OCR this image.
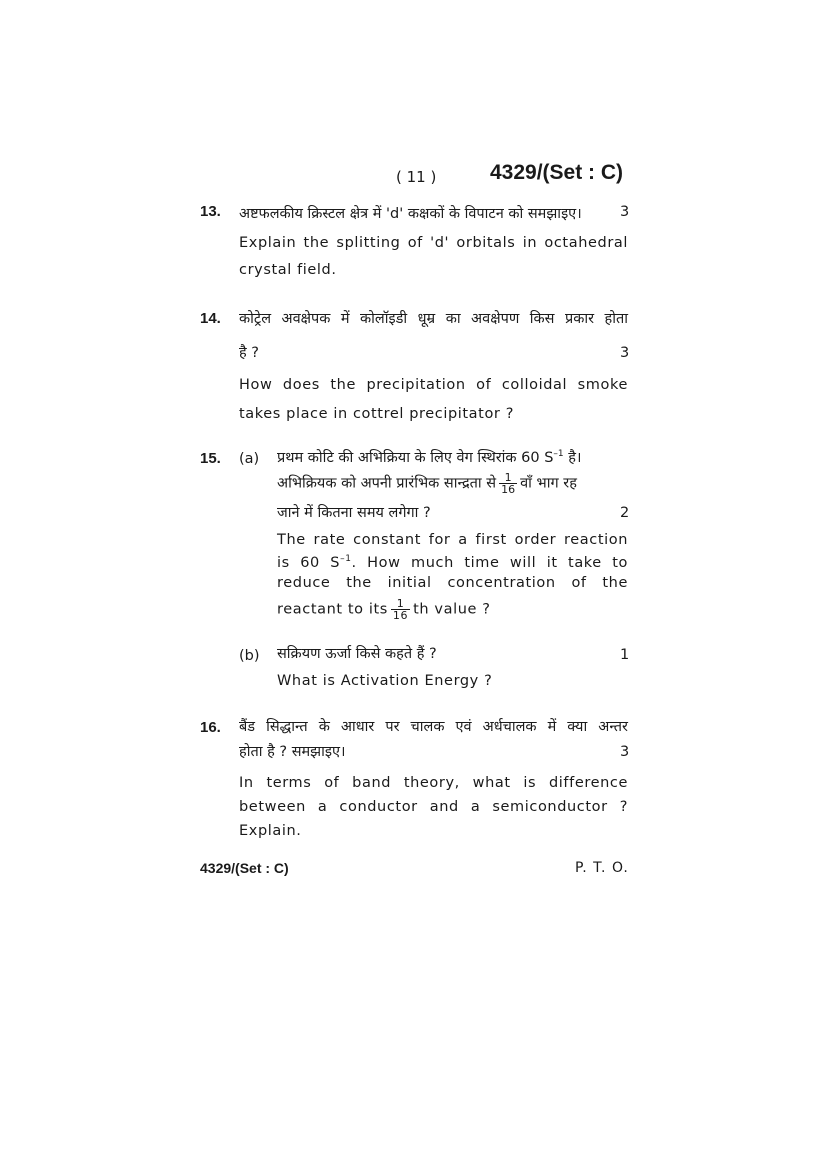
( 11 )	4329/(Set : C)
13. अष्टफलकीय क्रिस्टल क्षेत्र में 'd' कक्षकों के विपाटन को समझाइए।	3
Explain the splitting of 'd' orbitals in octahedral
crystal field.
14. कोट्रेल अवक्षेपक में कोलॉइडी धूम्र का अवक्षेपण किस प्रकार होता
है ?	3
How does the precipitation of colloidal smoke
takes place in cottrel precipitator ?
15. (a) प्रथम कोटि की अभिक्रिया के लिए वेग स्थिरांक 60 $S^{-1}$ है।
अभिक्रियक को अपनी प्रारंभिक सान्द्रता से $\frac{1}{16}$ वाँ भाग रह
जाने में कितना समय लगेगा ?	2
The rate constant for a first order reaction
is 60 $S^{-1}$. How much time will it take to
reduce the initial concentration of the
reactant to its $\frac{1}{16}$ th value ?
(b) सक्रियण ऊर्जा किसे कहते हैं ?	1
What is Activation Energy ?
16. बैंड सिद्धान्त के आधार पर चालक एवं अर्धचालक में क्या अन्तर
होता है ? समझाइए।	3
In terms of band theory, what is difference
between a conductor and a semiconductor ?
Explain.
4329/(Set : C)	P. T. O.
